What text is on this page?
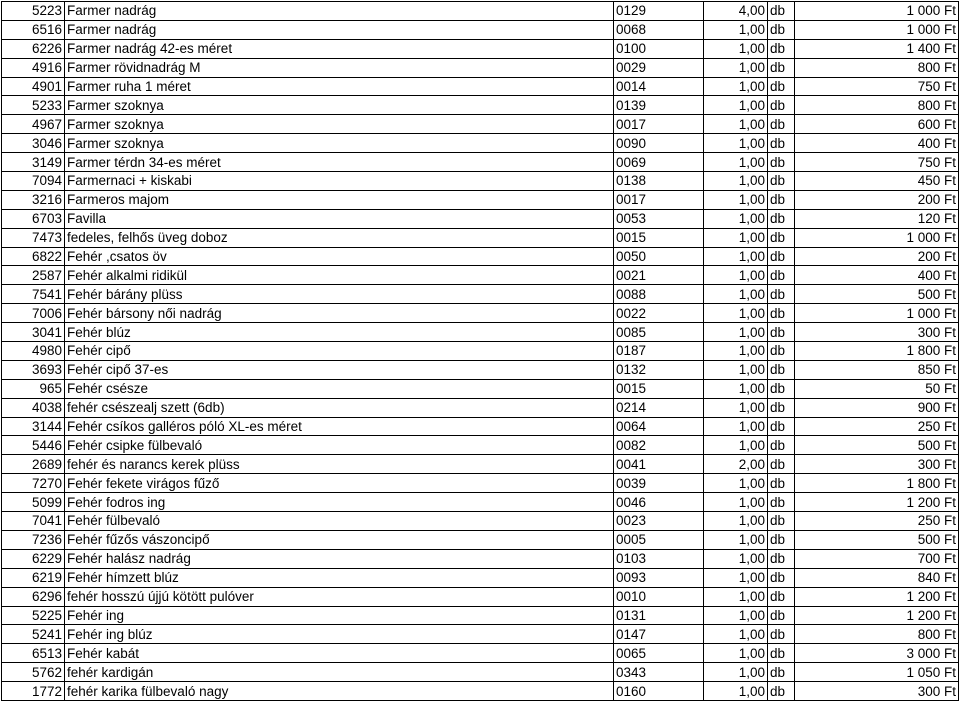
5223	Farmer nadrág	0129	4,00	db	1 000 Ft
6516	Farmer nadrág	0068	1,00	db	1 000 Ft
6226	Farmer nadrág 42-es méret	0100	1,00	db	1 400 Ft
4916	Farmer rövidnadrág M	0029	1,00	db	800 Ft
4901	Farmer ruha 1 méret	0014	1,00	db	750 Ft
5233	Farmer szoknya	0139	1,00	db	800 Ft
4967	Farmer szoknya	0017	1,00	db	600 Ft
3046	Farmer szoknya	0090	1,00	db	400 Ft
3149	Farmer térdn 34-es méret	0069	1,00	db	750 Ft
7094	Farmernaci + kiskabi	0138	1,00	db	450 Ft
3216	Farmeros majom	0017	1,00	db	200 Ft
6703	Favilla	0053	1,00	db	120 Ft
7473	fedeles, felhős üveg doboz	0015	1,00	db	1 000 Ft
6822	Fehér ,csatos öv	0050	1,00	db	200 Ft
2587	Fehér alkalmi ridikül	0021	1,00	db	400 Ft
7541	Fehér bárány plüss	0088	1,00	db	500 Ft
7006	Fehér bársony női nadrág	0022	1,00	db	1 000 Ft
3041	Fehér blúz	0085	1,00	db	300 Ft
4980	Fehér cipő	0187	1,00	db	1 800 Ft
3693	Fehér cipő 37-es	0132	1,00	db	850 Ft
965	Fehér csésze	0015	1,00	db	50 Ft
4038	fehér csészealj szett (6db)	0214	1,00	db	900 Ft
3144	Fehér csíkos galléros póló XL-es méret	0064	1,00	db	250 Ft
5446	Fehér csipke fülbevaló	0082	1,00	db	500 Ft
2689	fehér és narancs kerek plüss	0041	2,00	db	300 Ft
7270	Fehér fekete virágos fűző	0039	1,00	db	1 800 Ft
5099	Fehér fodros ing	0046	1,00	db	1 200 Ft
7041	Fehér fülbevaló	0023	1,00	db	250 Ft
7236	Fehér fűzős vászoncipő	0005	1,00	db	500 Ft
6229	Fehér halász nadrág	0103	1,00	db	700 Ft
6219	Fehér hímzett blúz	0093	1,00	db	840 Ft
6296	fehér hosszú újjú kötött pulóver	0010	1,00	db	1 200 Ft
5225	Fehér ing	0131	1,00	db	1 200 Ft
5241	Fehér ing blúz	0147	1,00	db	800 Ft
6513	Fehér kabát	0065	1,00	db	3 000 Ft
5762	fehér kardigán	0343	1,00	db	1 050 Ft
1772	fehér karika fülbevaló nagy	0160	1,00	db	300 Ft
